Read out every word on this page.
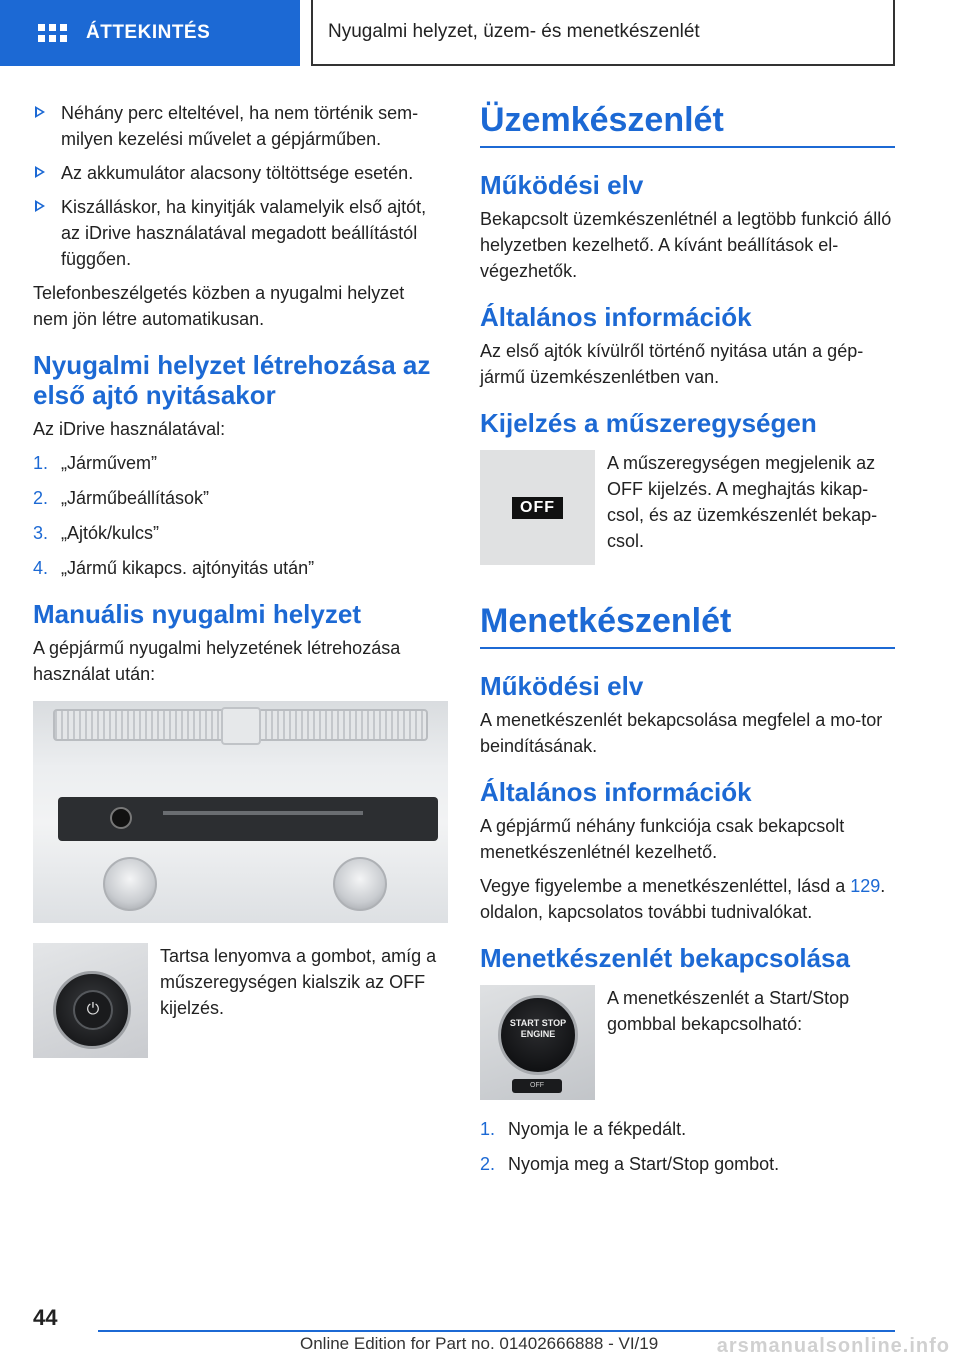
ÁTTEKINTÉS	Nyugalmi helyzet, üzem- és menetkészenlét
Néhány perc elteltével, ha nem történik sem-milyen kezelési művelet a gépjárműben.
Az akkumulátor alacsony töltöttsége esetén.
Kiszálláskor, ha kinyitják valamelyik első ajtót, az iDrive használatával megadott beállítástól függően.

Telefonbeszélgetés közben a nyugalmi helyzet nem jön létre automatikusan.

Nyugalmi helyzet létrehozása az első ajtó nyitásakor

Az iDrive használatával:

1. „Járművem”
2. „Járműbeállítások”
3. „Ajtók/kulcs”
4. „Jármű kikapcs. ajtónyitás után”
Manuális nyugalmi helyzet

A gépjármű nyugalmi helyzetének létrehozása használat után:

⏻
Tartsa lenyomva a gombot, amíg a műszeregységen kialszik az OFF kijelzés.
Üzemkészenlét
Működési elv

Bekapcsolt üzemkészenlétnél a legtöbb funkció álló helyzetben kezelhető. A kívánt beállítások el-végezhetők.

Általános információk

Az első ajtók kívülről történő nyitása után a gép-jármű üzemkészenlétben van.

Kijelzés a műszeregységen
OFF
A műszeregységen megjelenik az OFF kijelzés. A meghajtás kikap-csol, és az üzemkészenlét bekap-csol.
Menetkészenlét
Működési elv

A menetkészenlét bekapcsolása megfelel a mo-tor beindításának.

Általános információk

A gépjármű néhány funkciója csak bekapcsolt menetkészenlétnél kezelhető.

Vegye figyelembe a menetkészenléttel, lásd a 129. oldalon, kapcsolatos további tudnivalókat.

Menetkészenlét bekapcsolása
START STOP ENGINE
OFF
A menetkészenlét a Start/Stop gombbal bekapcsolható:
1. Nyomja le a fékpedált.
2. Nyomja meg a Start/Stop gombot.
44
Online Edition for Part no. 01402666888 - VI/19	arsmanualsonline.info
